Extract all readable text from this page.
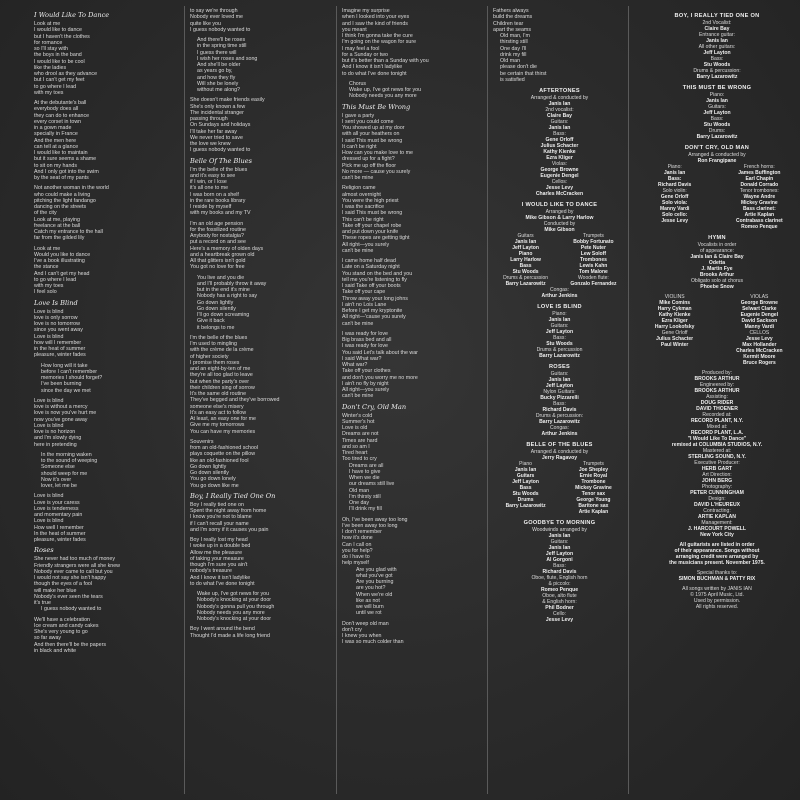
I Would Like To Dance
Look at me
I would like to dance
but I haven't the clothes
for romance
so I'll stay with
the boys in the band
I would like to be cool
like the ladies
who drool as they advance
but I can't get my feet
to go where I lead
with my toes
At the debutante's ball
everybody does all
they can do to enhance
every corset in town
in a gown made
specially in France
And the men here
can tell at a glance
I would like to maintain
but it sure seems a shame
to sit on my hands
And I only got into the swim
by the seat of my pants
Not another woman in the world
who could make a living
pitching the light fandango
dancing on the streets
of the city
Look at me, playing
freelance at the ball
Catch my entrance to the hall
far from the gilded lily
Look at me
Would you like to dance
I've a book illustrating
the stance
And I can't get my head
to go where I lead
with my toes
I feel solo
Love Is Blind
Love is blind
love is only sorrow
love is no tomorrow
since you went away
Love is blind
how will I remember
in the heat of summer
pleasure, winter fades
How long will it take
before I can't remember
memories I should forget?
I've been burning
since the day we met
Love is blind
love is without a mercy
love is now you've hurt me
now you've gone away
Love is blind
love is no horizon
and I'm slowly dying
here in pretending
In the morning waken
to the sound of weeping
Someone else
should weep for me
Now it's over
lover, let me be
Love is blind
Love is your caress
Love is tenderness
and momentary pain
Love is blind
How well I remember
In the heat of summer
pleasure, winter fades
Roses
She never had too much of money
Friendly strangers were all she knew
Nobody ever came to call but you
I would not say she isn't happy
though the eyes of a fool
will make her blue
Nobody's ever seen the tears
it's true
I guess nobody wanted to
We'll have a celebration
Ice cream and candy cakes
She's very young to go
so far away
And then there'll be the papers
in black and white
to say we're through
Nobody ever loved me
quite like you
I guess nobody wanted to
And there'll be roses
in the spring time still
I guess there will
I wish her roses and song
And she'll be older
as years go by,
and how they fly
Will she be lonely
without me along?
She doesn't make friends easily
She's only known a few
The incidental stranger
passing through
On Sundays and holidays
I'll take her far away
We never tried to save
the love we knew
I guess nobody wanted to
Belle Of The Blues
I'm the belle of the blues
and it's easy to see
if I win, or I lose
it's all one to me
I was born on a shelf
in the rare books library
I reside by myself
with my books and my TV
I'm an old age pension
for the fossilized routine
Anybody for nostalgia?
put a record on and see
Here's a memory of olden days
and a heartbreak grown old
All that glitters isn't gold
You got no love for free
You live and you die
and I'll probably throw it away
but in the end it's mine
Nobody has a right to say
Go down lightly
Go down silently
I'll go down screaming
Give it back
it belongs to me
I'm the belle of the blues
I'm used to mingling
with the crème de la crème
of higher society
I promise them roses
and an eight-by-ten of me
they're all too glad to leave
but when the party's over
their children sing of sorrow
It's the same old routine
They've begged and they've borrowed
someone else's misery
It's an easy act to follow
At least, an easy one for me
Give me my tomorrows
You can have my memories
Souvenirs
from an old-fashioned school
plays coquette on the pillow
like an old-fashioned fool
Go down lightly
Go down silently
You go down lonely
You go down like me
Boy, I Really Tied One On
Boy I really tied one on
Spent the night away from home
I know you're not to blame
if I can't recall your name
and I'm sorry if it causes you pain
Boy I really lost my head
I woke up in a double bed
Allow me the pleasure
of taking your measure
though I'm sure you ain't
nobody's treasure
And I know it isn't ladylike
to do what I've done tonight
Wake up, I've got news for you
Nobody's knocking at your door
Nobody's gonna pull you through
Nobody needs you any more
Nobody's knocking at your door
Boy I went around the bend
Thought I'd made a life long friend
Imagine my surprise
when I looked into your eyes
and I saw the kind of friends
you meant
I think I'm gonna take the cure
I'm going on the wagon for sure
I may feel a fool
for a Sunday or two
but it's better than a Sunday with you
And I know it isn't ladylike
to do what I've done tonight
Chorus
Wake up, I've got news for you
Nobody needs you any more
This Must Be Wrong
I gave a party
I sent you could come
You showed up at my door
with all your heathers on
I said This must be wrong
It can't be right
How can you make love to me
dressed up for a fight?
Pick me up off the floor
No more — cause you surely
can't be mine
Religion came
almost overnight
You were the high priest
I was the sacrifice
I said This must be wrong
This can't be right
Take off your chapel robe
and put down your knife
These ropes are getting tight
All right—you surely
can't be mine
I came home half dead
Late on a Saturday night
You stand on the bed and you
tell me you're listening to fly
I said Take off your boots
Take off your cape
Throw away your long johns
I ain't no Lois Lane
Before I get my kryptonite
All right—'cause you surely
can't be mine
I was ready for love
Big brass bed and all
I was ready for love
You said Let's talk about the war
I said What war?
What war?
Take off your clothes
and don't you worry me no more
I ain't no fly by night
All right—you surely
can't be mine
Don't Cry, Old Man
Winter's cold
Summer's hot
Love is old
Dreams are not
Times are hard
and so am I
Tired heart
Too tired to cry
Dreams are all
I have to give
When we die
our dreams still live
Old man
I'm thirsty still
One day
I'll drink my fill
Oh, I've been away too long
I've been away too long
I don't remember
how it's done
Can I call on
you for help?
do I have to
help myself
Are you glad with
what you've got
Are you burning
are you hot?
When we're old
like as not
we will burn
until we rot
Don't weep old man
don't cry
I knew you when
I was so much colder than
Fathers always
build the dreams
Children tear
apart the seams
Old man, I'm
thirsting still
One day I'll
drink my fill
Old man
please don't die
be certain that thirst
is satisfied
AFTERTONES
Arranged & conducted by
Janis Ian
2nd vocalist:
Claire Bay
Guitars:
Janis Ian
Bass:
Gene Orloff
Julius Schacter
Kathy Kienke
Ezra Kliger
Violas:
George Browne
Eugenie Dengel
Cellos:
Jesse Levy
Charles McCracken
I WOULD LIKE TO DANCE
Arranged by
Mike Gibson & Larry Harlow
Conducted by
Mike Gibson
Guitars	Trumpets
Janis Ian	Bobby Fortunato
Jeff Layton	Pete Nuter
Piano	Lew Soloff
Larry Harlow	Trombones
Bass	Lewis Kahn
Stu Woods	Tom Malone
Drums & percussion	Wooden flute:
Barry Lazarowitz	Gonzalo Fernandez
Congas:
Arthur Jenkins
LOVE IS BLIND
Piano:
Janis Ian
Guitars:
Jeff Layton
Bass:
Stu Woods
Drums & percussion
Barry Lazarowitz
ROSES
Guitars:
Janis Ian
Jeff Layton
Nylon Guitars:
Bucky Pizzarelli
Bass:
Richard Davis
Drums & percussion:
Barry Lazarowitz
Congas:
Arthur Jenkins
BELLE OF THE BLUES
Arranged & conducted by
Jerry Ragavoy
Piano	Trumpets
Janis Ian	Joe Shepley
Guitars	Ernie Royal
Jeff Layton	Trombone
Bass	Mickey Gravine
Stu Woods	Tenor sax
Drums	George Young
Barry Lazarowitz	Baritone sax
Artie Kaplan
GOODBYE TO MORNING
Woodwinds arranged by
Janis Ian
Guitars:
Janis Ian
Jeff Layton
Al Gorgoni
Bass:
Richard Davis
Oboe, flute, English horn
& piccolo:
Romeo Penque
Oboe, alto flute
& English horn:
Phil Bodner
Cello:
Jesse Levy
BOY, I REALLY TIED ONE ON
2nd Vocalist:
Claire Bay
Entrance guitar:
Janis Ian
All other guitars:
Jeff Layton
Bass:
Stu Woods
Drums & percussion:
Barry Lazarowitz
THIS MUST BE WRONG
Piano:
Janis Ian
Guitars:
Jeff Layton
Bass:
Stu Woods
Drums:
Barry Lazarowitz
DON'T CRY, OLD MAN
Arranged & conducted by
Ron Frangipane
Piano:	French horns:
Janis Ian	James Buffington
Bass:	Earl Chapin
Richard Davis	Donald Corrado
Solo violin:	Tenor trombones:
Gene Orloff	Wayne Andre
Solo viola:	Mickey Gravine
Manny Vardi	Bass clarinet:
Solo cello:	Artie Kaplan
Jesse Levy	Contrabass clarinet
Romeo Penque
HYMN
Vocalists in order
of appearance:
Janis Ian & Claire Bay
Odetta
J. Martin Fye
Brooks Arthur
Obligato solo at chorus
Phoebe Snow
VIOLINS	VIOLAS
Mike Comins	George Browne
Harry Cykman	Selwart Clarke
Kathy Kienke	Eugenie Dengel
Ezra Kliger	David Sackson
Harry Lookofsky	Manny Vardi
Gene Orloff	CELLOS
Julius Schacter	Jesse Levy
Paul Winter	Max Hollander
Charles McCracken
Kermit Moore
Bruce Rogers
Produced by:
BROOKS ARTHUR
Engineered by:
BROOKS ARTHUR
Assisting:
DOUG RIDER
DAVID THOENER
Recorded at:
RECORD PLANT, N.Y.
Mixed at:
RECORD PLANT, L.A.
"I Would Like To Dance"
remixed at COLUMBIA STUDIOS, N.Y.
Mastered at:
STERLING SOUND, N.Y.
Executive Producer:
HERB GART
Art Direction:
JOHN BERG
Photography:
PETER CUNNINGHAM
Design:
DAVID L'HEUREUX
Contracting:
ARTIE KAPLAN
Management:
J. HARCOURT POWELL
New York City
All guitarists are listed in order
of their appearance. Songs without
arranging credit were arranged by
the musicians present. November 1975.
Special thanks to:
SIMON BUCHMAN & PATTY RIX
All songs written by JANIS IAN
© 1975 April Music, Ltd.
Used by permission.
All rights reserved.
